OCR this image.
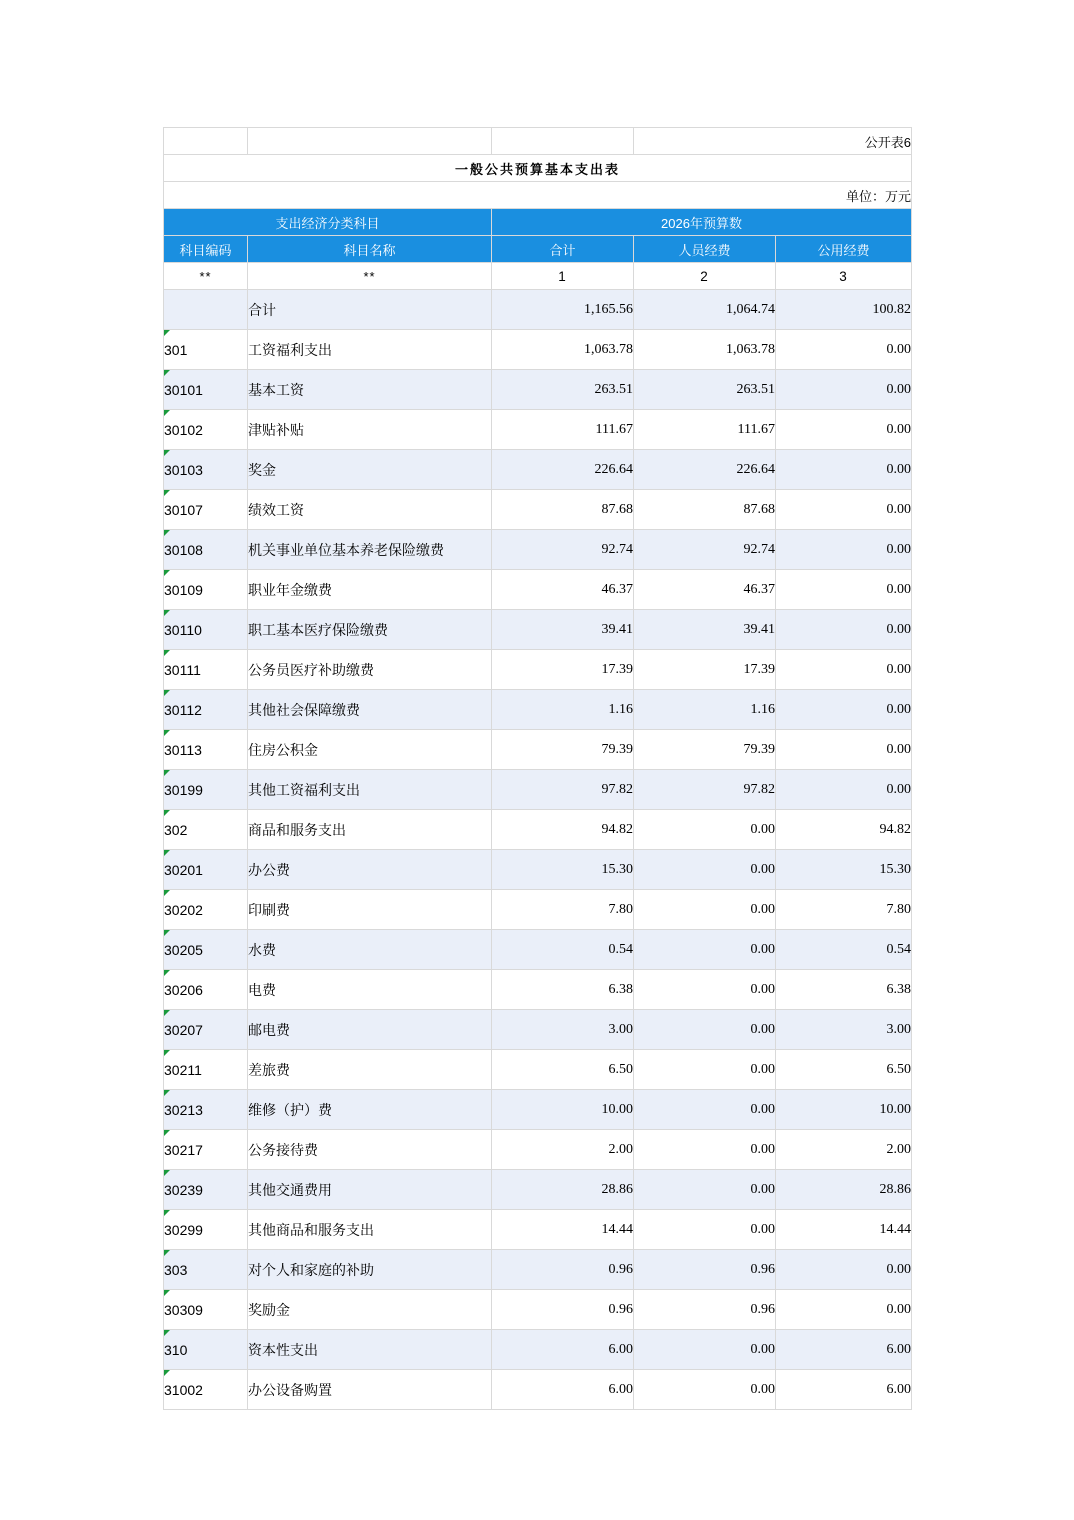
			公开表6	
一般公共预算基本支出表				
单位：万元				
支出经济分类科目		2026年预算数		
科目编码	科目名称	合计	人员经费	公用经费
**	**	1	2	3
	合计	1,165.56	1,064.74	100.82

301	工资福利支出	1,063.78	1,063.78	0.00

30101	基本工资	263.51	263.51	0.00

30102	津贴补贴	111.67	111.67	0.00

30103	奖金	226.64	226.64	0.00

30107	绩效工资	87.68	87.68	0.00

30108	机关事业单位基本养老保险缴费	92.74	92.74	0.00

30109	职业年金缴费	46.37	46.37	0.00

30110	职工基本医疗保险缴费	39.41	39.41	0.00

30111	公务员医疗补助缴费	17.39	17.39	0.00

30112	其他社会保障缴费	1.16	1.16	0.00

30113	住房公积金	79.39	79.39	0.00

30199	其他工资福利支出	97.82	97.82	0.00

302	商品和服务支出	94.82	0.00	94.82

30201	办公费	15.30	0.00	15.30

30202	印刷费	7.80	0.00	7.80

30205	水费	0.54	0.00	0.54

30206	电费	6.38	0.00	6.38

30207	邮电费	3.00	0.00	3.00

30211	差旅费	6.50	0.00	6.50

30213	维修（护）费	10.00	0.00	10.00

30217	公务接待费	2.00	0.00	2.00

30239	其他交通费用	28.86	0.00	28.86

30299	其他商品和服务支出	14.44	0.00	14.44

303	对个人和家庭的补助	0.96	0.96	0.00

30309	奖励金	0.96	0.96	0.00

310	资本性支出	6.00	0.00	6.00

31002	办公设备购置	6.00	0.00	6.00
